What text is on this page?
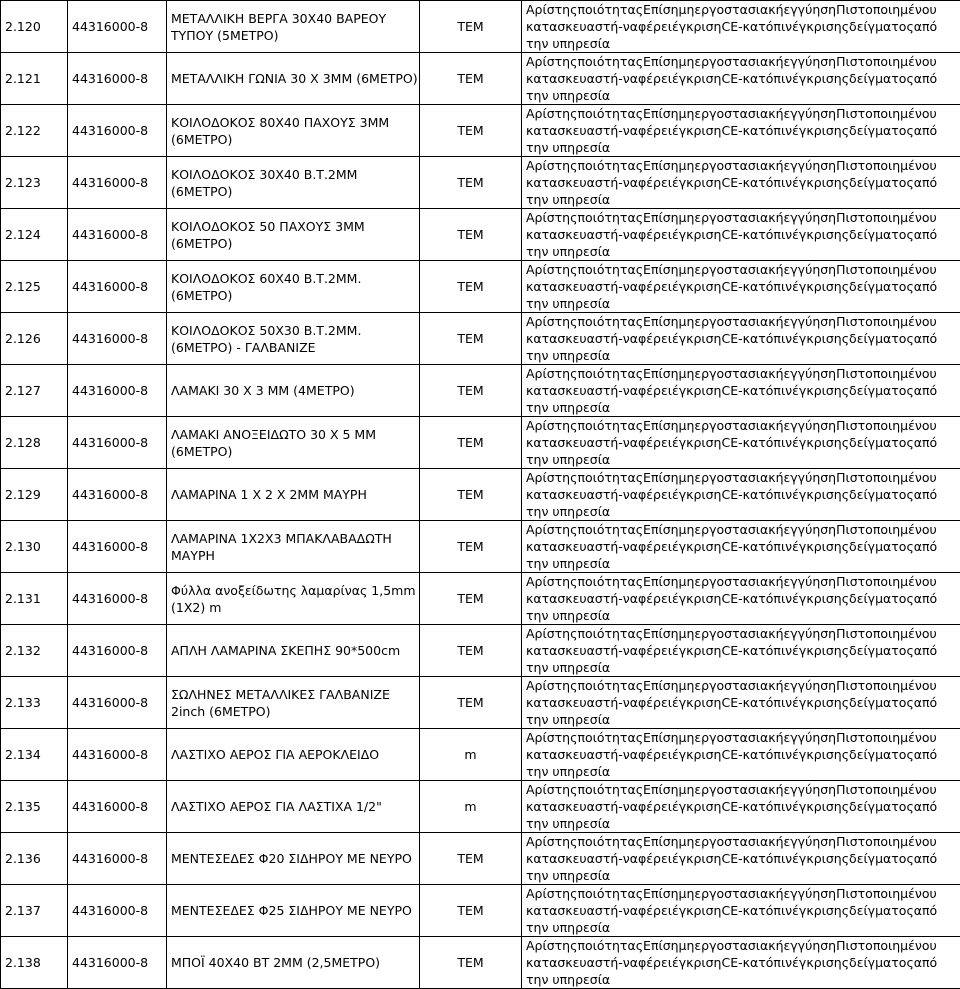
2.120	44316000-8	ΜΕΤΑΛΛΙΚΗ ΒΕΡΓΑ 30Χ40 ΒΑΡΕΟΥ ΤΥΠΟΥ (5ΜΕΤΡΟ)	ΤΕΜ	ΑρίστηςποιότηταςΕπίσημηεργοστασιακήεγγύησηΠιστοποιημένου
κατασκευαστή-ναφέρειέγκρισηCE-κατόπινέγκρισηςδείγματοςαπό
την υπηρεσία

2.121	44316000-8	ΜΕΤΑΛΛΙΚΗ ΓΩΝΙΑ 30 Χ 3ΜΜ (6ΜΕΤΡΟ)	ΤΕΜ	ΑρίστηςποιότηταςΕπίσημηεργοστασιακήεγγύησηΠιστοποιημένου
κατασκευαστή-ναφέρειέγκρισηCE-κατόπινέγκρισηςδείγματοςαπό
την υπηρεσία

2.122	44316000-8	ΚΟΙΛΟΔΟΚΟΣ 80Χ40 ΠΑΧΟΥΣ 3ΜΜ (6ΜΕΤΡΟ)	ΤΕΜ	ΑρίστηςποιότηταςΕπίσημηεργοστασιακήεγγύησηΠιστοποιημένου
κατασκευαστή-ναφέρειέγκρισηCE-κατόπινέγκρισηςδείγματοςαπό
την υπηρεσία

2.123	44316000-8	ΚΟΙΛΟΔΟΚΟΣ 30Χ40 Β.Τ.2ΜΜ (6ΜΕΤΡΟ)	ΤΕΜ	ΑρίστηςποιότηταςΕπίσημηεργοστασιακήεγγύησηΠιστοποιημένου
κατασκευαστή-ναφέρειέγκρισηCE-κατόπινέγκρισηςδείγματοςαπό
την υπηρεσία

2.124	44316000-8	ΚΟΙΛΟΔΟΚΟΣ 50 ΠΑΧΟΥΣ 3ΜΜ (6ΜΕΤΡΟ)	ΤΕΜ	ΑρίστηςποιότηταςΕπίσημηεργοστασιακήεγγύησηΠιστοποιημένου
κατασκευαστή-ναφέρειέγκρισηCE-κατόπινέγκρισηςδείγματοςαπό
την υπηρεσία

2.125	44316000-8	ΚΟΙΛΟΔΟΚΟΣ 60Χ40 Β.Τ.2ΜΜ.(6ΜΕΤΡΟ)	ΤΕΜ	ΑρίστηςποιότηταςΕπίσημηεργοστασιακήεγγύησηΠιστοποιημένου
κατασκευαστή-ναφέρειέγκρισηCE-κατόπινέγκρισηςδείγματοςαπό
την υπηρεσία

2.126	44316000-8	ΚΟΙΛΟΔΟΚΟΣ 50Χ30 Β.Τ.2ΜΜ.(6ΜΕΤΡΟ) - ΓΑΛΒΑΝΙΖΕ	ΤΕΜ	ΑρίστηςποιότηταςΕπίσημηεργοστασιακήεγγύησηΠιστοποιημένου
κατασκευαστή-ναφέρειέγκρισηCE-κατόπινέγκρισηςδείγματοςαπό
την υπηρεσία

2.127	44316000-8	ΛΑΜΑΚΙ 30 Χ 3 ΜΜ (4ΜΕΤΡΟ)	ΤΕΜ	ΑρίστηςποιότηταςΕπίσημηεργοστασιακήεγγύησηΠιστοποιημένου
κατασκευαστή-ναφέρειέγκρισηCE-κατόπινέγκρισηςδείγματοςαπό
την υπηρεσία

2.128	44316000-8	ΛΑΜΑΚΙ ΑΝΟΞΕΙΔΩΤΟ 30 Χ 5 ΜΜ (6ΜΕΤΡΟ)	ΤΕΜ	ΑρίστηςποιότηταςΕπίσημηεργοστασιακήεγγύησηΠιστοποιημένου
κατασκευαστή-ναφέρειέγκρισηCE-κατόπινέγκρισηςδείγματοςαπό
την υπηρεσία

2.129	44316000-8	ΛΑΜΑΡΙΝΑ 1 Χ 2 Χ 2ΜΜ ΜΑΥΡΗ	ΤΕΜ	ΑρίστηςποιότηταςΕπίσημηεργοστασιακήεγγύησηΠιστοποιημένου
κατασκευαστή-ναφέρειέγκρισηCE-κατόπινέγκρισηςδείγματοςαπό
την υπηρεσία

2.130	44316000-8	ΛΑΜΑΡΙΝΑ 1Χ2Χ3 ΜΠΑΚΛΑΒΑΔΩΤΗ ΜΑΥΡΗ	ΤΕΜ	ΑρίστηςποιότηταςΕπίσημηεργοστασιακήεγγύησηΠιστοποιημένου
κατασκευαστή-ναφέρειέγκρισηCE-κατόπινέγκρισηςδείγματοςαπό
την υπηρεσία

2.131	44316000-8	Φύλλα ανοξείδωτης λαμαρίνας 1,5mm (1Χ2) m	ΤΕΜ	ΑρίστηςποιότηταςΕπίσημηεργοστασιακήεγγύησηΠιστοποιημένου
κατασκευαστή-ναφέρειέγκρισηCE-κατόπινέγκρισηςδείγματοςαπό
την υπηρεσία

2.132	44316000-8	ΑΠΛΗ ΛΑΜΑΡΙΝΑ ΣΚΕΠΗΣ 90*500cm	ΤΕΜ	ΑρίστηςποιότηταςΕπίσημηεργοστασιακήεγγύησηΠιστοποιημένου
κατασκευαστή-ναφέρειέγκρισηCE-κατόπινέγκρισηςδείγματοςαπό
την υπηρεσία

2.133	44316000-8	ΣΩΛΗΝΕΣ ΜΕΤΑΛΛΙΚΕΣ ΓΑΛΒΑΝΙΖΕ 2inch (6ΜΕΤΡΟ)	ΤΕΜ	ΑρίστηςποιότηταςΕπίσημηεργοστασιακήεγγύησηΠιστοποιημένου
κατασκευαστή-ναφέρειέγκρισηCE-κατόπινέγκρισηςδείγματοςαπό
την υπηρεσία

2.134	44316000-8	ΛΑΣΤΙΧΟ ΑΕΡΟΣ ΓΙΑ ΑΕΡΟΚΛΕΙΔΟ	m	ΑρίστηςποιότηταςΕπίσημηεργοστασιακήεγγύησηΠιστοποιημένου
κατασκευαστή-ναφέρειέγκρισηCE-κατόπινέγκρισηςδείγματοςαπό
την υπηρεσία

2.135	44316000-8	ΛΑΣΤΙΧΟ ΑΕΡΟΣ ΓΙΑ ΛΑΣΤΙΧΑ 1/2"	m	ΑρίστηςποιότηταςΕπίσημηεργοστασιακήεγγύησηΠιστοποιημένου
κατασκευαστή-ναφέρειέγκρισηCE-κατόπινέγκρισηςδείγματοςαπό
την υπηρεσία

2.136	44316000-8	ΜΕΝΤΕΣΕΔΕΣ Φ20 ΣΙΔΗΡΟΥ ΜΕ ΝΕΥΡΟ	ΤΕΜ	ΑρίστηςποιότηταςΕπίσημηεργοστασιακήεγγύησηΠιστοποιημένου
κατασκευαστή-ναφέρειέγκρισηCE-κατόπινέγκρισηςδείγματοςαπό
την υπηρεσία

2.137	44316000-8	ΜΕΝΤΕΣΕΔΕΣ Φ25 ΣΙΔΗΡΟΥ ΜΕ ΝΕΥΡΟ	ΤΕΜ	ΑρίστηςποιότηταςΕπίσημηεργοστασιακήεγγύησηΠιστοποιημένου
κατασκευαστή-ναφέρειέγκρισηCE-κατόπινέγκρισηςδείγματοςαπό
την υπηρεσία

2.138	44316000-8	ΜΠΟΪ 40Χ40 ΒΤ 2ΜΜ (2,5ΜΕΤΡΟ)	ΤΕΜ	ΑρίστηςποιότηταςΕπίσημηεργοστασιακήεγγύησηΠιστοποιημένου
κατασκευαστή-ναφέρειέγκρισηCE-κατόπινέγκρισηςδείγματοςαπό
την υπηρεσία
